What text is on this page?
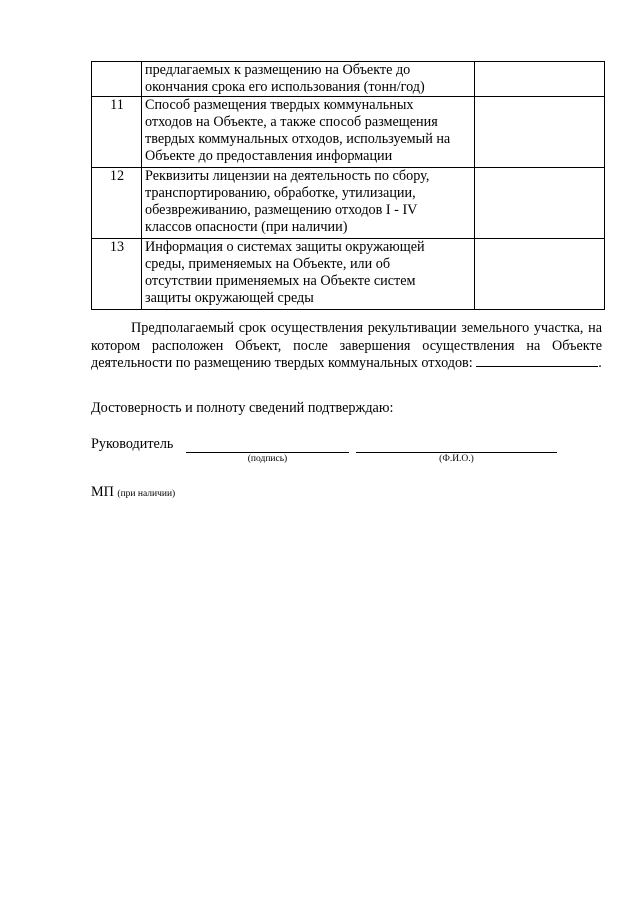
	предлагаемых к размещению на Объекте до
окончания срока его использования (тонн/год)	
11	Способ размещения твердых коммунальных
отходов на Объекте, а также способ размещения
твердых коммунальных отходов, используемый на
Объекте до предоставления информации	
12	Реквизиты лицензии на деятельность по сбору,
транспортированию, обработке, утилизации,
обезвреживанию, размещению отходов I - IV
классов опасности (при наличии)	
13	Информация о системах защиты окружающей
среды, применяемых на Объекте, или об
отсутствии применяемых на Объекте систем
защиты окружающей среды	

Предполагаемый срок осуществления рекультивации земельного участка, на котором расположен Объект, после завершения осуществления на Объекте деятельности по размещению твердых коммунальных отходов:	.

Достоверность и полноту сведений подтверждаю:

Руководитель
(подпись)	(Ф.И.О.)
МП (при наличии)
